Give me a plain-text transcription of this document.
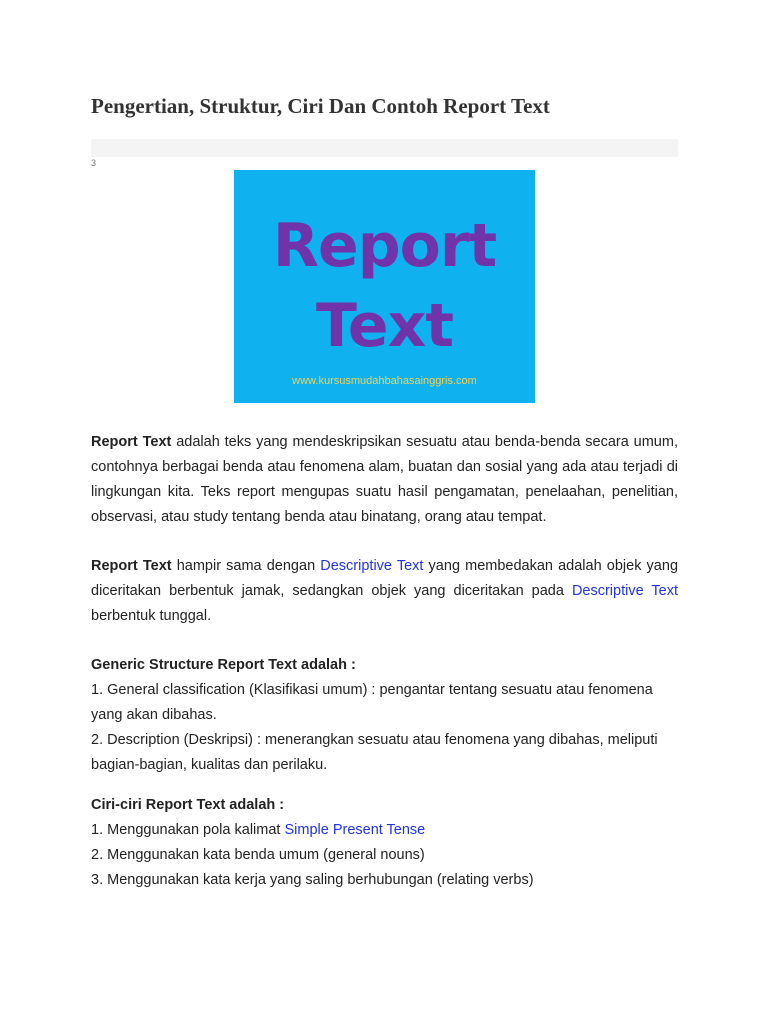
Pengertian, Struktur, Ciri Dan Contoh Report Text
3
Report
Text
www.kursusmudahbahasainggris.com

Report Text adalah teks yang mendeskripsikan sesuatu atau benda-benda secara umum, contohnya berbagai benda atau fenomena alam, buatan dan sosial yang ada atau terjadi di lingkungan kita. Teks report mengupas suatu hasil pengamatan, penelaahan, penelitian, observasi, atau study tentang benda atau binatang, orang atau tempat.

Report Text hampir sama dengan Descriptive Text yang membedakan adalah objek yang diceritakan berbentuk jamak, sedangkan objek yang diceritakan pada Descriptive Text berbentuk tunggal.

Generic Structure Report Text adalah :

1. General classification (Klasifikasi umum) : pengantar tentang sesuatu atau fenomena yang akan dibahas.

2. Description (Deskripsi) : menerangkan sesuatu atau fenomena yang dibahas, meliputi bagian-bagian, kualitas dan perilaku.

Ciri-ciri Report Text adalah :

1. Menggunakan pola kalimat Simple Present Tense

2. Menggunakan kata benda umum (general nouns)

3. Menggunakan kata kerja yang saling berhubungan (relating verbs)
